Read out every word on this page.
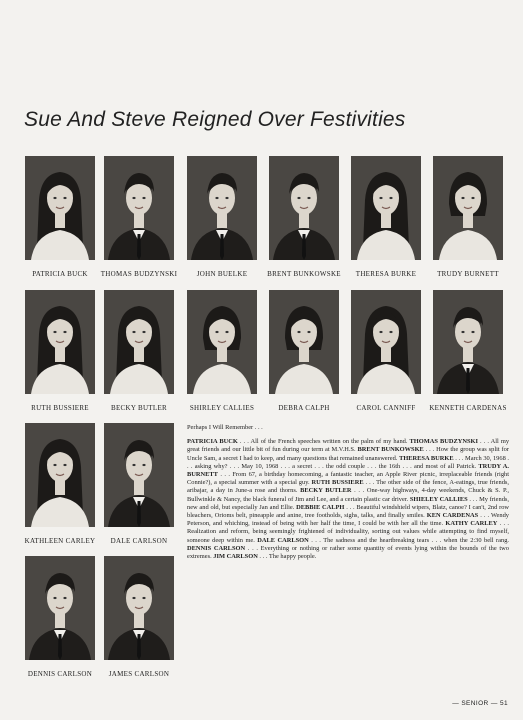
Sue And Steve Reigned Over Festivities
PATRICIA BUCK	THOMAS BUDZYNSKI	JOHN BUELKE	BRENT BUNKOWSKE	THERESA BURKE	TRUDY BURNETT
RUTH BUSSIERE	BECKY BUTLER	SHIRLEY CALLIES	DEBRA CALPH	CAROL CANNIFF	KENNETH CARDENAS
KATHLEEN CARLEY	DALE CARLSON
DENNIS CARLSON	JAMES CARLSON

Perhaps I Will Remember . . .

PATRICIA BUCK . . . All of the French speeches written on the palm of my hand. THOMAS BUDZYNSKI . . . All my great friends and our little bit of fun during our term at M.V.H.S. BRENT BUNKOWSKE . . . How the group was split for Uncle Sam, a secret I had to keep, and many questions that remained unanswered. THERESA BURKE . . . March 30, 1968 . . . asking why? . . . May 10, 1968 . . . a secret . . . the odd couple . . . the 16th . . . and most of all Patrick. TRUDY A. BURNETT . . . From 67, a birthday homecoming, a fantastic teacher, an Apple River picnic, irreplaceable friends (right Connie?), a special summer with a special guy. RUTH BUSSIERE . . . The other side of the fence, A-eatings, true friends, aribajar, a day in June-a rose and thorns. BECKY BUTLER . . . One-way highways, 4-day weekends, Chuck & S. P., Bullwinkle & Nancy, the black funeral of Jim and Lee, and a certain plastic car driver. SHIELEY CALLIES . . . My friends, new and old, but especially Jan and Ellie. DEBBIE CALPH . . . Beautiful windshield wipers, Blatz, canoe? I can't, 2nd row bleachers, Orioms belt, pineapple and anine, tree footholds, sighs, talks, and finally smiles. KEN CARDENAS . . . Wendy Peterson, and whiching, instead of being with her half the time, I could be with her all the time. KATHY CARLEY . . . Realization and reform, being seemingly frightened of individuality, sorting out values while attempting to find myself, someone deep within me. DALE CARLSON . . . The sadness and the heartbreaking tears . . . when the 2:30 bell rang. DENNIS CARLSON . . . Everything or nothing or rather some quantity of events lying within the bounds of the two extremes. JIM CARLSON . . . The happy people.

— SENIOR — 51
